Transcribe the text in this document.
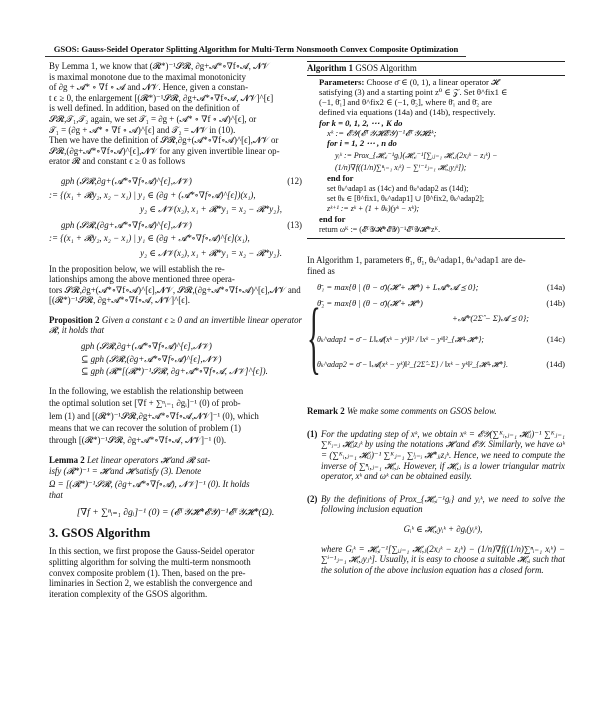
GSOS: Gauss-Seidel Operator Splitting Algorithm for Multi-Term Nonsmooth Convex Composite Optimization
By Lemma 1, we know that (𝓡*)⁻¹𝓢𝓡, ∂g+𝓐*∘∇f∘𝓐, 𝓝𝒱
is maximal monotone due to the maximal monotonicity
of ∂g + 𝓐* ∘ ∇f ∘ 𝓐 and 𝓝𝒱. Hence, given a constan-
t ϵ ≥ 0, the enlargement [(𝓡*)⁻¹𝓢𝓡, ∂g+𝓐*∘∇f∘𝓐, 𝓝𝒱]^[ϵ]
is well defined. In addition, based on the definition of
𝓢𝓡,𝒯₁,𝒯₂ again, we set 𝒯₁ = ∂g + (𝓐* ∘ ∇f ∘ 𝓐)^[ϵ], or
𝒯₁ = (∂g + 𝓐* ∘ ∇f ∘ 𝓐)^[ϵ] and 𝒯₂ = 𝓝𝒱 in (10).
Then we have the definition of 𝓢𝓡,∂g+(𝓐*∘∇f∘𝓐)^[ϵ],𝓝𝒱 or
𝓢𝓡,(∂g+𝓐*∘∇f∘𝓐)^[ϵ],𝓝𝒱 for any given invertible linear op-
erator 𝓡 and constant ϵ ≥ 0 as follows
gph (𝓢𝓡,∂g+(𝓐*∘∇f∘𝓐)^[ϵ],𝓝𝒱)	(12)
:= {(x₁ + 𝓡y₂, x₂ − x₁) | y₁ ∈ (∂g + (𝓐*∘∇f∘𝓐)^[ϵ])(x₁),
y₂ ∈ 𝓝𝒱(x₂), x₁ + 𝓡*y₁ = x₂ − 𝓡*y₂},
gph (𝓢𝓡,(∂g+𝓐*∘∇f∘𝓐)^[ϵ],𝓝𝒱)	(13)
:= {(x₁ + 𝓡y₂, x₂ − x₁) | y₁ ∈ (∂g + 𝓐*∘∇f∘𝓐)^[ϵ](x₁),
y₂ ∈ 𝓝𝒱(x₂), x₁ + 𝓡*y₁ = x₂ − 𝓡*y₂}.
In the proposition below, we will establish the re-
lationships among the above mentioned three opera-
tors 𝓢𝓡,∂g+(𝓐*∘∇f∘𝓐)^[ϵ],𝓝𝒱, 𝓢𝓡,(∂g+𝓐*∘∇f∘𝓐)^[ϵ],𝓝𝒱 and
[(𝓡*)⁻¹𝓢𝓡, ∂g+𝓐*∘∇f∘𝓐, 𝓝𝒱]^[ϵ].
Proposition 2 Given a constant ϵ ≥ 0 and an invertible linear operator 𝓡, it holds that
gph (𝓢𝓡,∂g+(𝓐*∘∇f∘𝓐)^[ϵ],𝓝𝒱)
⊆ gph (𝓢𝓡,(∂g+𝓐*∘∇f∘𝓐)^[ϵ],𝓝𝒱)
⊆ gph (𝓡*[(𝓡*)⁻¹𝓢𝓡, ∂g+𝓐*∘∇f∘𝓐, 𝓝𝒱]^[ϵ]).
In the following, we establish the relationship between
the optimal solution set [∇f + ∑ⁿᵢ₌₁ ∂gᵢ]⁻¹ (0) of prob-
lem (1) and [(𝓡*)⁻¹𝓢𝓡,∂g+𝓐*∘∇f∘𝓐,𝓝𝒱]⁻¹ (0), which
means that we can recover the solution of problem (1)
through [(𝓡*)⁻¹𝓢𝓡, ∂g+𝓐*∘∇f∘𝓐, 𝓝𝒱]⁻¹ (0).
Lemma 2 Let linear operators 𝓗 and 𝓡 sat-
isfy (𝓡*)⁻¹ = 𝓗 and 𝓗 satisfy (3). Denote
Ω = [(𝓡*)⁻¹𝓢𝓡, (∂g+𝓐*∘∇f∘𝓐), 𝓝𝒱]⁻¹ (0). It holds
that
[∇f + ∑ⁿᵢ₌₁ ∂gᵢ]⁻¹ (0) = (𝓔ᵀ𝒴𝓗*𝓔𝒴)⁻¹𝓔ᵀ𝒴𝓗*(Ω).
3. GSOS Algorithm
In this section, we first propose the Gauss-Seidel operator
splitting algorithm for solving the multi-term nonsmooth
convex composite problem (1). Then, based on the pre-
liminaries in Section 2, we establish the convergence and
iteration complexity of the GSOS algorithm.
Algorithm 1 GSOS Algorithm
Parameters: Choose σ̄ ∈ (0, 1), a linear operator 𝓗
satisfying (3) and a starting point z⁰ ∈ 𝒵. Set θ^fix1 ∈
(−1, θ̄₁] and θ^fix2 ∈ (−1, θ̄₂], where θ̄₁ and θ̄₂ are
defined via equations (14a) and (14b), respectively.
for k = 0, 1, 2, ⋯ , K do
xᵏ := 𝓔𝒴(𝓔ᵀ𝒴𝓗𝓔𝒴)⁻¹𝓔ᵀ𝒴𝓗zᵏ;
for i = 1, 2 ⋯ , n do
yᵢᵏ := Prox_{𝓗ᵢ,ᵢ⁻¹gᵢ}(𝓗ᵢ,ᵢ⁻¹[∑ᵢⱼ₌₁ 𝓗ᵢ,ⱼ(2xⱼᵏ − zⱼᵏ) −
(1/n)∇f((1/n)∑ⁿᵢ₌₁ xᵢᵏ) − ∑ⁱ⁻¹ⱼ₌₁ 𝓗ᵢ,ⱼyⱼᵏ]);
end for
set θₖ^adap1 as (14c) and θₖ^adap2 as (14d);
set θₖ ∈ [θ^fix1, θₖ^adap1] ∪ [θ^fix2, θₖ^adap2];
zᵏ⁺¹ := zᵏ + (1 + θₖ)(yᵏ − xᵏ);
end for
return ωᴷ := (𝓔ᵀ𝒴𝓗*𝓔𝒴)⁻¹𝓔ᵀ𝒴𝓗*zᴷ.
In Algorithm 1, parameters θ̄₁, θ̄₁, θₖ^adap1, θₖ^adap1 are de-
fined as
{
θ̄₁ = max{θ | (θ − σ̄)(𝓗 + 𝓗*) + L𝓐*𝓐 ⪯ 0};	(14a)
θ̄₂ = max{θ | (θ − σ̄)(𝓗 + 𝓗*)	(14b)
+𝓐*(2Σ̂ − Σ)𝓐 ⪯ 0};
θₖ^adap1 = σ̄ − L‖𝓐(xᵏ − yᵏ)‖² / ‖xᵏ − yᵏ‖²_{𝓗+𝓗*};	(14c)
θₖ^adap2 = σ̄ − ‖𝓐(xᵏ − yᵏ)‖²_{2Σ̂−Σ} / ‖xᵏ − yᵏ‖²_{𝓗+𝓗*}.	(14d)
Remark 2 We make some comments on GSOS below.
(1) For the updating step of xᵏ, we obtain xᵏ = 𝓔𝒴(∑ᴷᵢ,ⱼ₌₁ 𝓗ᵢⱼ)⁻¹ ∑ᴷⱼ₌₁ ∑ᴷᵢ₌ⱼ 𝓗ᵢⱼzⱼᵏ by using the notations 𝓗 and 𝓔𝒴. Similarly, we have ωᵏ = (∑ᴷᵢ,ⱼ₌₁ 𝓗ᵢⱼ)⁻¹ ∑ᴷⱼ₌₁ ∑ʲᵢ₌ᵢ 𝓗*ⱼᵢzⱼᵏ. Hence, we need to compute the inverse of ∑ⁿᵢ,ⱼ₌₁ 𝓗ᵢ,ⱼ. However, if 𝓗ᵢ,ⱼ is a lower triangular matrix operator, xᵏ and ωᵏ can be obtained easily.
(2) By the definitions of Prox_{𝓗ᵢ,ᵢ⁻¹gᵢ} and yᵢᵏ, we need to solve the following inclusion equation
Gᵢᵏ ∈ 𝓗ᵢ,ᵢyᵢᵏ + ∂gᵢ(yᵢᵏ),
where Gᵢᵏ = 𝓗ᵢ,ᵢ⁻¹[∑ᵢⱼ₌₁ 𝓗ᵢ,ⱼ(2xⱼᵏ − zⱼᵏ) − (1/n)∇f((1/n)∑ⁿᵢ₌₁ xᵢᵏ) − ∑ⁱ⁻¹ⱼ₌₁ 𝓗ᵢ,ⱼyⱼᵏ]. Usually, it is easy to choose a suitable 𝓗ᵢ,ᵢ such that the solution of the above inclusion equation has a closed form.
